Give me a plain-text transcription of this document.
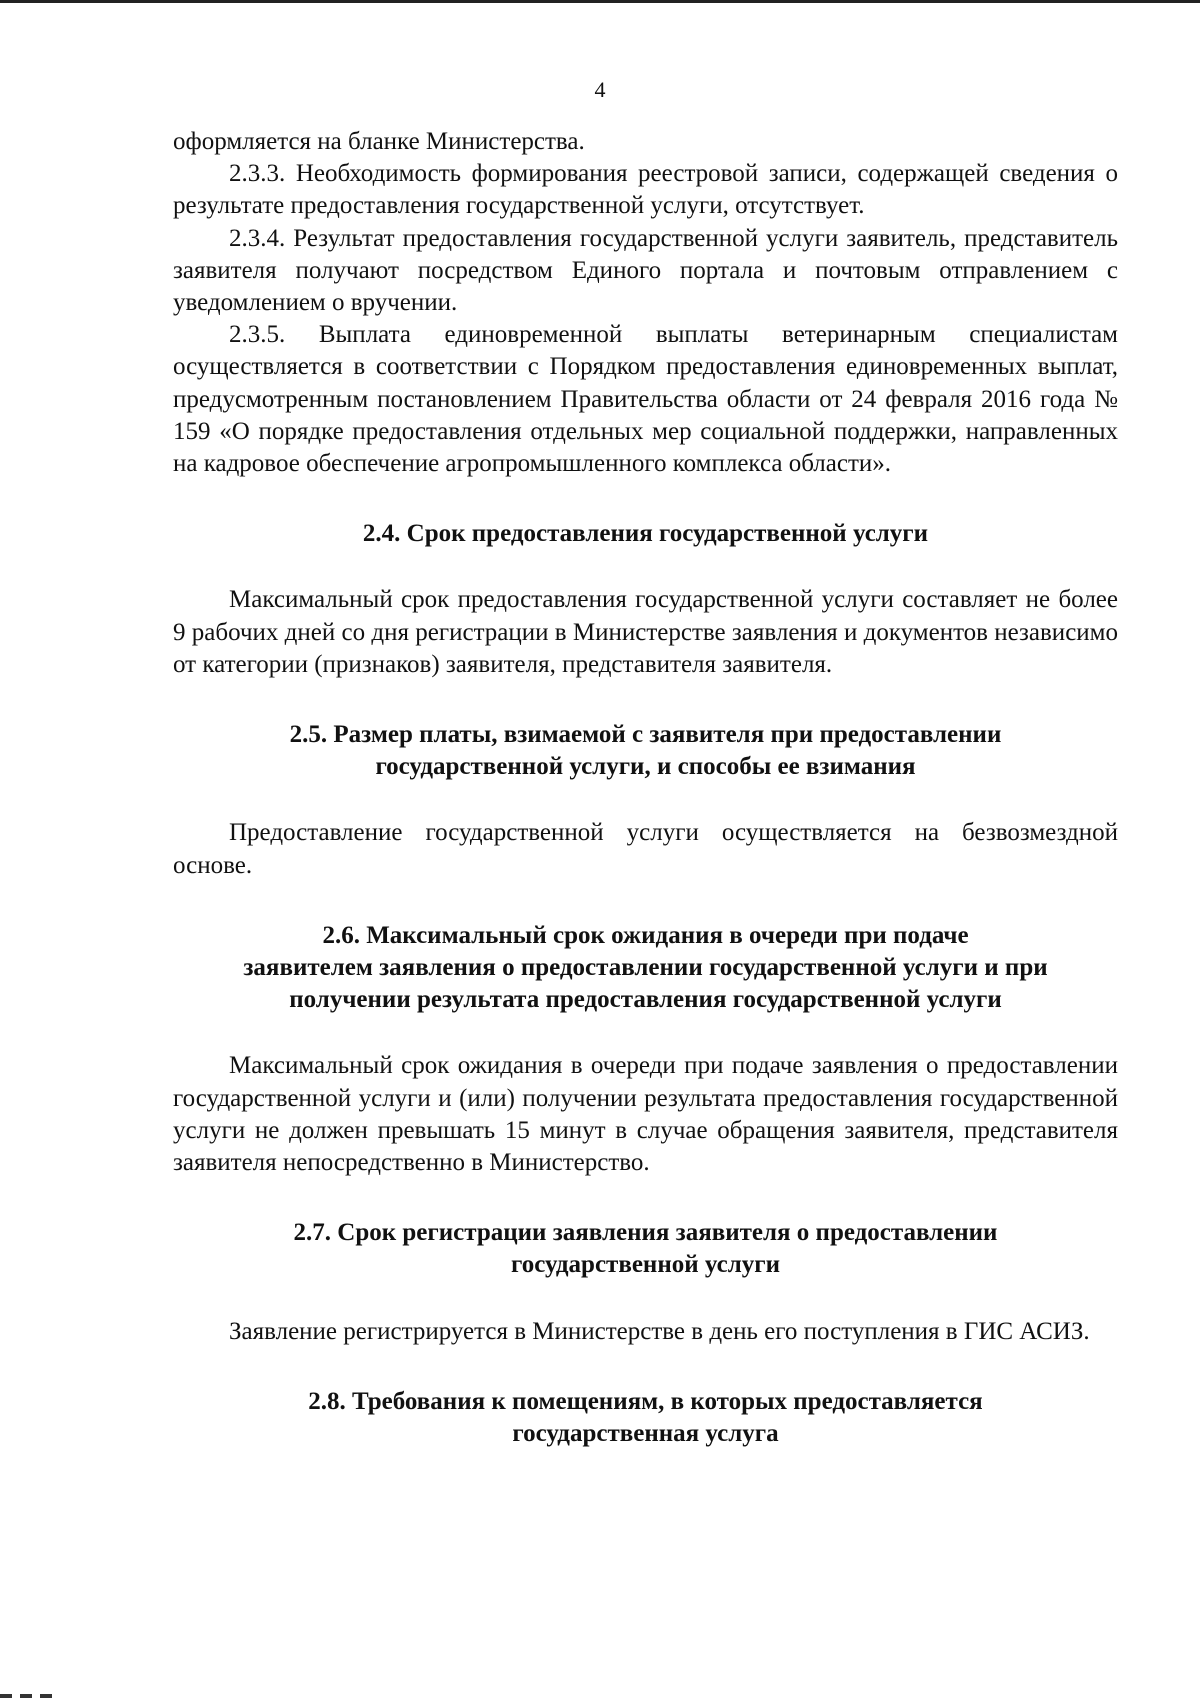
4

оформляется на бланке Министерства.

2.3.3. Необходимость формирования реестровой записи, содержащей сведения о результате предоставления государственной услуги, отсутствует.

2.3.4. Результат предоставления государственной услуги заявитель, представитель заявителя получают посредством Единого портала и почтовым отправлением с уведомлением о вручении.

2.3.5. Выплата единовременной выплаты ветеринарным специалистам осуществляется в соответствии с Порядком предоставления единовременных выплат, предусмотренным постановлением Правительства области от 24 февраля 2016 года № 159 «О порядке предоставления отдельных мер социальной поддержки, направленных на кадровое обеспечение агропромышленного комплекса области».

2.4. Срок предоставления государственной услуги

Максимальный срок предоставления государственной услуги составляет не более 9 рабочих дней со дня регистрации в Министерстве заявления и документов независимо от категории (признаков) заявителя, представителя заявителя.

2.5. Размер платы, взимаемой с заявителя при предоставлении

государственной услуги, и способы ее взимания

Предоставление государственной услуги осуществляется на безвозмездной основе.

2.6. Максимальный срок ожидания в очереди при подаче

заявителем заявления о предоставлении государственной услуги и при

получении результата предоставления государственной услуги

Максимальный срок ожидания в очереди при подаче заявления о предоставлении государственной услуги и (или) получении результата предоставления государственной услуги не должен превышать 15 минут в случае обращения заявителя, представителя заявителя непосредственно в Министерство.

2.7. Срок регистрации заявления заявителя о предоставлении

государственной услуги

Заявление регистрируется в Министерстве в день его поступления в ГИС АСИЗ.

2.8. Требования к помещениям, в которых предоставляется

государственная услуга
